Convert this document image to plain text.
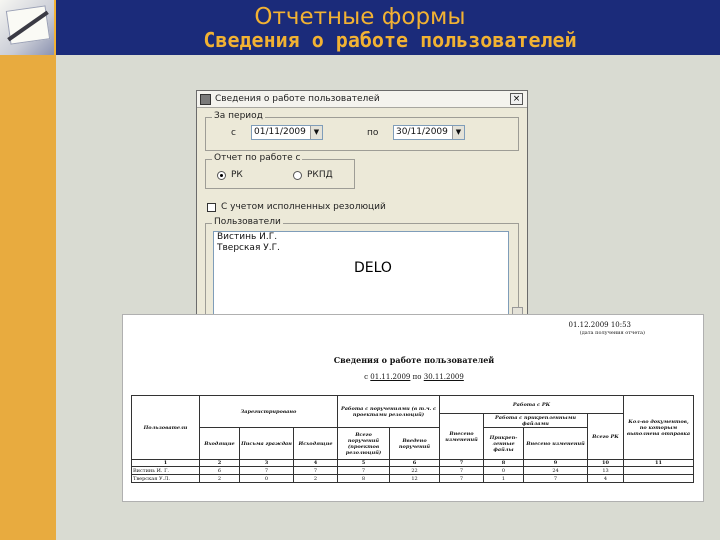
Отчетные формы
Сведения о работе пользователей
Сведения о работе пользователей	×
За период
с	01/11/2009	▼	по	30/11/2009	▼
Отчет по работе с
РК	РКПД
С учетом исполненных резолюций
Пользователи
Вистинь И.Г.
Тверская У.Г.
DELO
01.12.2009 10:53
(дата получения отчета)
Сведения о работе пользователей
с 01.11.2009 по 30.11.2009
Пользователи	Зарегистрировано			Работа с поручениями (в т.ч. с проектами резолюций)		Работа с РК				Кол-во документов, по которым выполнена отправка
						Внесено изменений	Работа с прикрепленными файлами		Всего РК	
	Входящие	Письма граждан	Исходящие	Всего поручений (проектов резолюций)	Введено поручений		Прикреп-ленные файлы	Внесено изменений		
1	2	3	4	5	6	7	8	9	10	11
Вистинь И. Г.	6	7	7	7	22	7	0	24	13	
Тверская У.Л.	2	0	2	8	12	7	1	7	4	
